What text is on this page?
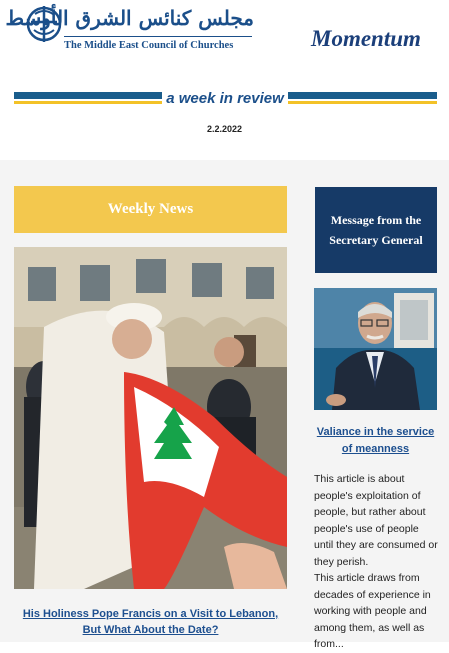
مجلس كنائس الشرق الأوسط
The Middle East Council of Churches	Momentum
a week in review
2.2.2022
Weekly News
His Holiness Pope Francis on a Visit to Lebanon, But What About the Date?
Message from the Secretary General
Valiance in the service of meanness

This article is about people's exploitation of people, but rather about people's use of people until they are consumed or they perish.

This article draws from decades of experience in working with people and among them, as well as from...
